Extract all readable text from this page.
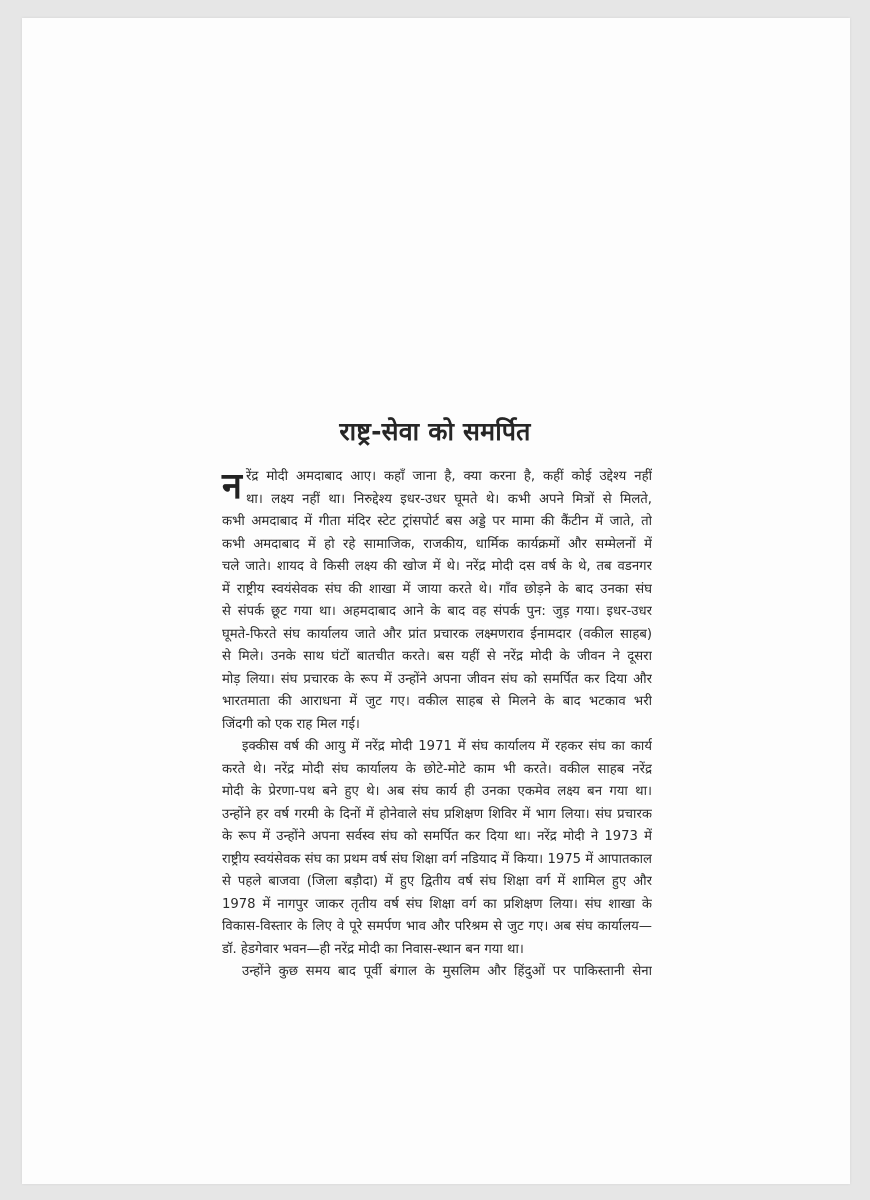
राष्ट्र-सेवा को समर्पित
न रेंद्र मोदी अमदाबाद आए। कहाँ जाना है, क्या करना है, कहीं कोई उद्देश्य नहीं
था। लक्ष्य नहीं था। निरुद्देश्य इधर-उधर घूमते थे। कभी अपने मित्रों से मिलते,
कभी अमदाबाद में गीता मंदिर स्टेट ट्रांसपोर्ट बस अड्डे पर मामा की कैंटीन में जाते, तो
कभी अमदाबाद में हो रहे सामाजिक, राजकीय, धार्मिक कार्यक्रमों और सम्मेलनों में
चले जाते। शायद वे किसी लक्ष्य की खोज में थे। नरेंद्र मोदी दस वर्ष के थे, तब वडनगर
में राष्ट्रीय स्वयंसेवक संघ की शाखा में जाया करते थे। गाँव छोड़ने के बाद उनका संघ
से संपर्क छूट गया था। अहमदाबाद आने के बाद वह संपर्क पुन: जुड़ गया। इधर-उधर
घूमते-फिरते संघ कार्यालय जाते और प्रांत प्रचारक लक्ष्मणराव ईनामदार (वकील साहब)
से मिले। उनके साथ घंटों बातचीत करते। बस यहीं से नरेंद्र मोदी के जीवन ने दूसरा
मोड़ लिया। संघ प्रचारक के रूप में उन्होंने अपना जीवन संघ को समर्पित कर दिया और
भारतमाता की आराधना में जुट गए। वकील साहब से मिलने के बाद भटकाव भरी
जिंदगी को एक राह मिल गई।
इक्कीस वर्ष की आयु में नरेंद्र मोदी 1971 में संघ कार्यालय में रहकर संघ का कार्य
करते थे। नरेंद्र मोदी संघ कार्यालय के छोटे-मोटे काम भी करते। वकील साहब नरेंद्र
मोदी के प्रेरणा-पथ बने हुए थे। अब संघ कार्य ही उनका एकमेव लक्ष्य बन गया था।
उन्होंने हर वर्ष गरमी के दिनों में होनेवाले संघ प्रशिक्षण शिविर में भाग लिया। संघ प्रचारक
के रूप में उन्होंने अपना सर्वस्व संघ को समर्पित कर दिया था। नरेंद्र मोदी ने 1973 में
राष्ट्रीय स्वयंसेवक संघ का प्रथम वर्ष संघ शिक्षा वर्ग नडियाद में किया। 1975 में आपातकाल
से पहले बाजवा (जिला बड़ौदा) में हुए द्वितीय वर्ष संघ शिक्षा वर्ग में शामिल हुए और
1978 में नागपुर जाकर तृतीय वर्ष संघ शिक्षा वर्ग का प्रशिक्षण लिया। संघ शाखा के
विकास-विस्तार के लिए वे पूरे समर्पण भाव और परिश्रम से जुट गए। अब संघ कार्यालय—
डॉ. हेडगेवार भवन—ही नरेंद्र मोदी का निवास-स्थान बन गया था।
उन्होंने कुछ समय बाद पूर्वी बंगाल के मुसलिम और हिंदुओं पर पाकिस्तानी सेना
